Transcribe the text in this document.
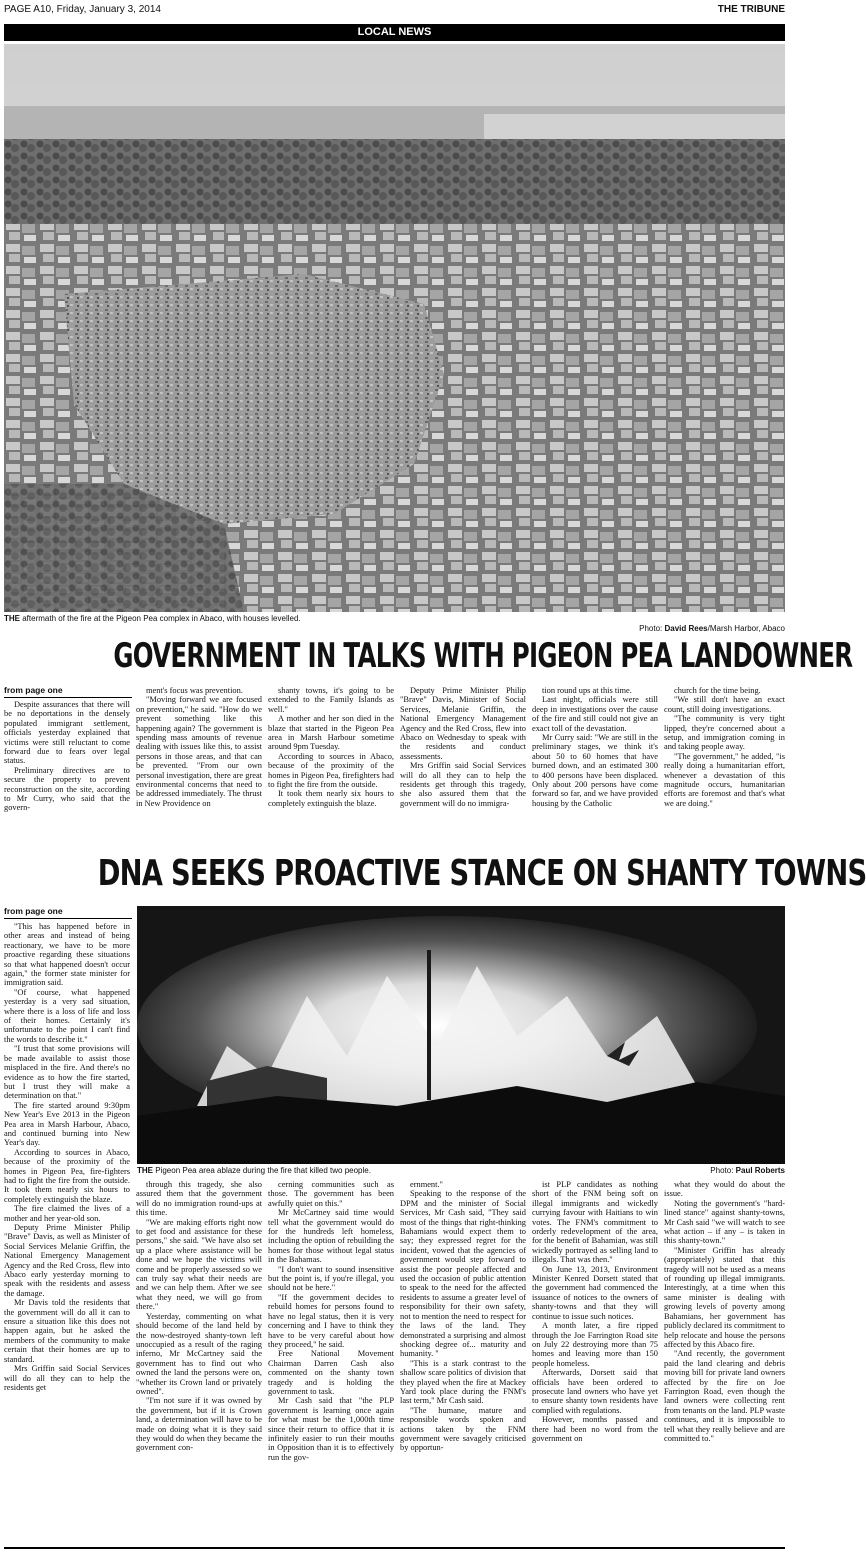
PAGE A10, Friday, January 3, 2014	THE TRIBUNE
LOCAL NEWS
THE aftermath of the fire at the Pigeon Pea complex in Abaco, with houses levelled.
Photo: David Rees/Marsh Harbor, Abaco
GOVERNMENT IN TALKS WITH PIGEON PEA LANDOWNER
from page one

Despite assurances that there will be no deportations in the densely populated immigrant settlement, officials yesterday explained that victims were still reluctant to come forward due to fears over legal status.

Preliminary directives are to secure the property to prevent reconstruction on the site, according to Mr Curry, who said that the govern-

ment's focus was prevention.

"Moving forward we are focused on prevention," he said. "How do we prevent something like this happening again? The government is spending mass amounts of revenue dealing with issues like this, to assist persons in those areas, and that can be prevented. "From our own personal investigation, there are great environmental concerns that need to be addressed immediately. The thrust in New Providence on

shanty towns, it's going to be extended to the Family Islands as well."

A mother and her son died in the blaze that started in the Pigeon Pea area in Marsh Harbour sometime around 9pm Tuesday.

According to sources in Abaco, because of the proximity of the homes in Pigeon Pea, firefighters had to fight the fire from the outside.

It took them nearly six hours to completely extinguish the blaze.

Deputy Prime Minister Philip "Brave" Davis, Minister of Social Services, Melanie Griffin, the National Emergency Management Agency and the Red Cross, flew into Abaco on Wednesday to speak with the residents and conduct assessments.

Mrs Griffin said Social Services will do all they can to help the residents get through this tragedy, she also assured them that the government will do no immigra-

tion round ups at this time.

Last night, officials were still deep in investigations over the cause of the fire and still could not give an exact toll of the devastation.

Mr Curry said: "We are still in the preliminary stages, we think it's about 50 to 60 homes that have burned down, and an estimated 300 to 400 persons have been displaced. Only about 200 persons have come forward so far, and we have provided housing by the Catholic

church for the time being.

"We still don't have an exact count, still doing investigations.

"The community is very tight lipped, they're concerned about a setup, and immigration coming in and taking people away.

"The government," he added, "is really doing a humanitarian effort, whenever a devastation of this magnitude occurs, humanitarian efforts are foremost and that's what we are doing."

DNA SEEKS PROACTIVE STANCE ON SHANTY TOWNS
from page one
THE Pigeon Pea area ablaze during the fire that killed two people.	Photo: Paul Roberts

"This has happened before in other areas and instead of being reactionary, we have to be more proactive regarding these situations so that what happened doesn't occur again," the former state minister for immigration said.

"Of course, what happened yesterday is a very sad situation, where there is a loss of life and loss of their homes. Certainly it's unfortunate to the point I can't find the words to describe it."

"I trust that some provisions will be made available to assist those misplaced in the fire. And there's no evidence as to how the fire started, but I trust they will make a determination on that."

The fire started around 9:30pm New Year's Eve 2013 in the Pigeon Pea area in Marsh Harbour, Abaco, and continued burning into New Year's day.

According to sources in Abaco, because of the proximity of the homes in Pigeon Pea, fire-fighters had to fight the fire from the outside. It took them nearly six hours to completely extinguish the blaze.

The fire claimed the lives of a mother and her year-old son.

Deputy Prime Minister Philip "Brave" Davis, as well as Minister of Social Services Melanie Griffin, the National Emergency Management Agency and the Red Cross, flew into Abaco early yesterday morning to speak with the residents and assess the damage.

Mr Davis told the residents that the government will do all it can to ensure a situation like this does not happen again, but he asked the members of the community to make certain that their homes are up to standard.

Mrs Griffin said Social Services will do all they can to help the residents get

through this tragedy, she also assured them that the government will do no immigration round-ups at this time.

"We are making efforts right now to get food and assistance for these persons," she said. "We have also set up a place where assistance will be done and we hope the victims will come and be properly assessed so we can truly say what their needs are and we can help them. After we see what they need, we will go from there."

Yesterday, commenting on what should become of the land held by the now-destroyed shanty-town left unoccupied as a result of the raging inferno, Mr McCartney said the government has to find out who owned the land the persons were on, "whether its Crown land or privately owned".

"I'm not sure if it was owned by the government, but if it is Crown land, a determination will have to be made on doing what it is they said they would do when they became the government con-

cerning communities such as those. The government has been awfully quiet on this."

Mr McCartney said time would tell what the government would do for the hundreds left homeless, including the option of rebuilding the homes for those without legal status in the Bahamas.

"I don't want to sound insensitive but the point is, if you're illegal, you should not be here."

"If the government decides to rebuild homes for persons found to have no legal status, then it is very concerning and I have to think they have to be very careful about how they proceed," he said.

Free National Movement Chairman Darren Cash also commented on the shanty town tragedy and is holding the government to task.

Mr Cash said that "the PLP government is learning once again for what must be the 1,000th time since their return to office that it is infinitely easier to run their mouths in Opposition than it is to effectively run the gov-

ernment."

Speaking to the response of the DPM and the minister of Social Services, Mr Cash said, "They said most of the things that right-thinking Bahamians would expect them to say; they expressed regret for the incident, vowed that the agencies of government would step forward to assist the poor people affected and used the occasion of public attention to speak to the need for the affected residents to assume a greater level of responsibility for their own safety, not to mention the need to respect for the laws of the land. They demonstrated a surprising and almost shocking degree of... maturity and humanity. "

"This is a stark contrast to the shallow scare politics of division that they played when the fire at Mackey Yard took place during the FNM's last term," Mr Cash said.

"The humane, mature and responsible words spoken and actions taken by the FNM government were savagely criticised by opportun-

ist PLP candidates as nothing short of the FNM being soft on illegal immigrants and wickedly currying favour with Haitians to win votes. The FNM's commitment to orderly redevelopment of the area, for the benefit of Bahamian, was still wickedly portrayed as selling land to illegals. That was then."

On June 13, 2013, Environment Minister Kenred Dorsett stated that the government had commenced the issuance of notices to the owners of shanty-towns and that they will continue to issue such notices.

A month later, a fire ripped through the Joe Farrington Road site on July 22 destroying more than 75 homes and leaving more than 150 people homeless.

Afterwards, Dorsett said that officials have been ordered to prosecute land owners who have yet to ensure shanty town residents have complied with regulations.

However, months passed and there had been no word from the government on

what they would do about the issue.

Noting the government's "hard-lined stance" against shanty-towns, Mr Cash said "we will watch to see what action – if any – is taken in this shanty-town."

"Minister Griffin has already (appropriately) stated that this tragedy will not be used as a means of rounding up illegal immigrants. Interestingly, at a time when this same minister is dealing with growing levels of poverty among Bahamians, her government has publicly declared its commitment to help relocate and house the persons affected by this Abaco fire.

"And recently, the government paid the land clearing and debris moving bill for private land owners affected by the fire on Joe Farrington Road, even though the land owners were collecting rent from tenants on the land. PLP waste continues, and it is impossible to tell what they really believe and are committed to."
